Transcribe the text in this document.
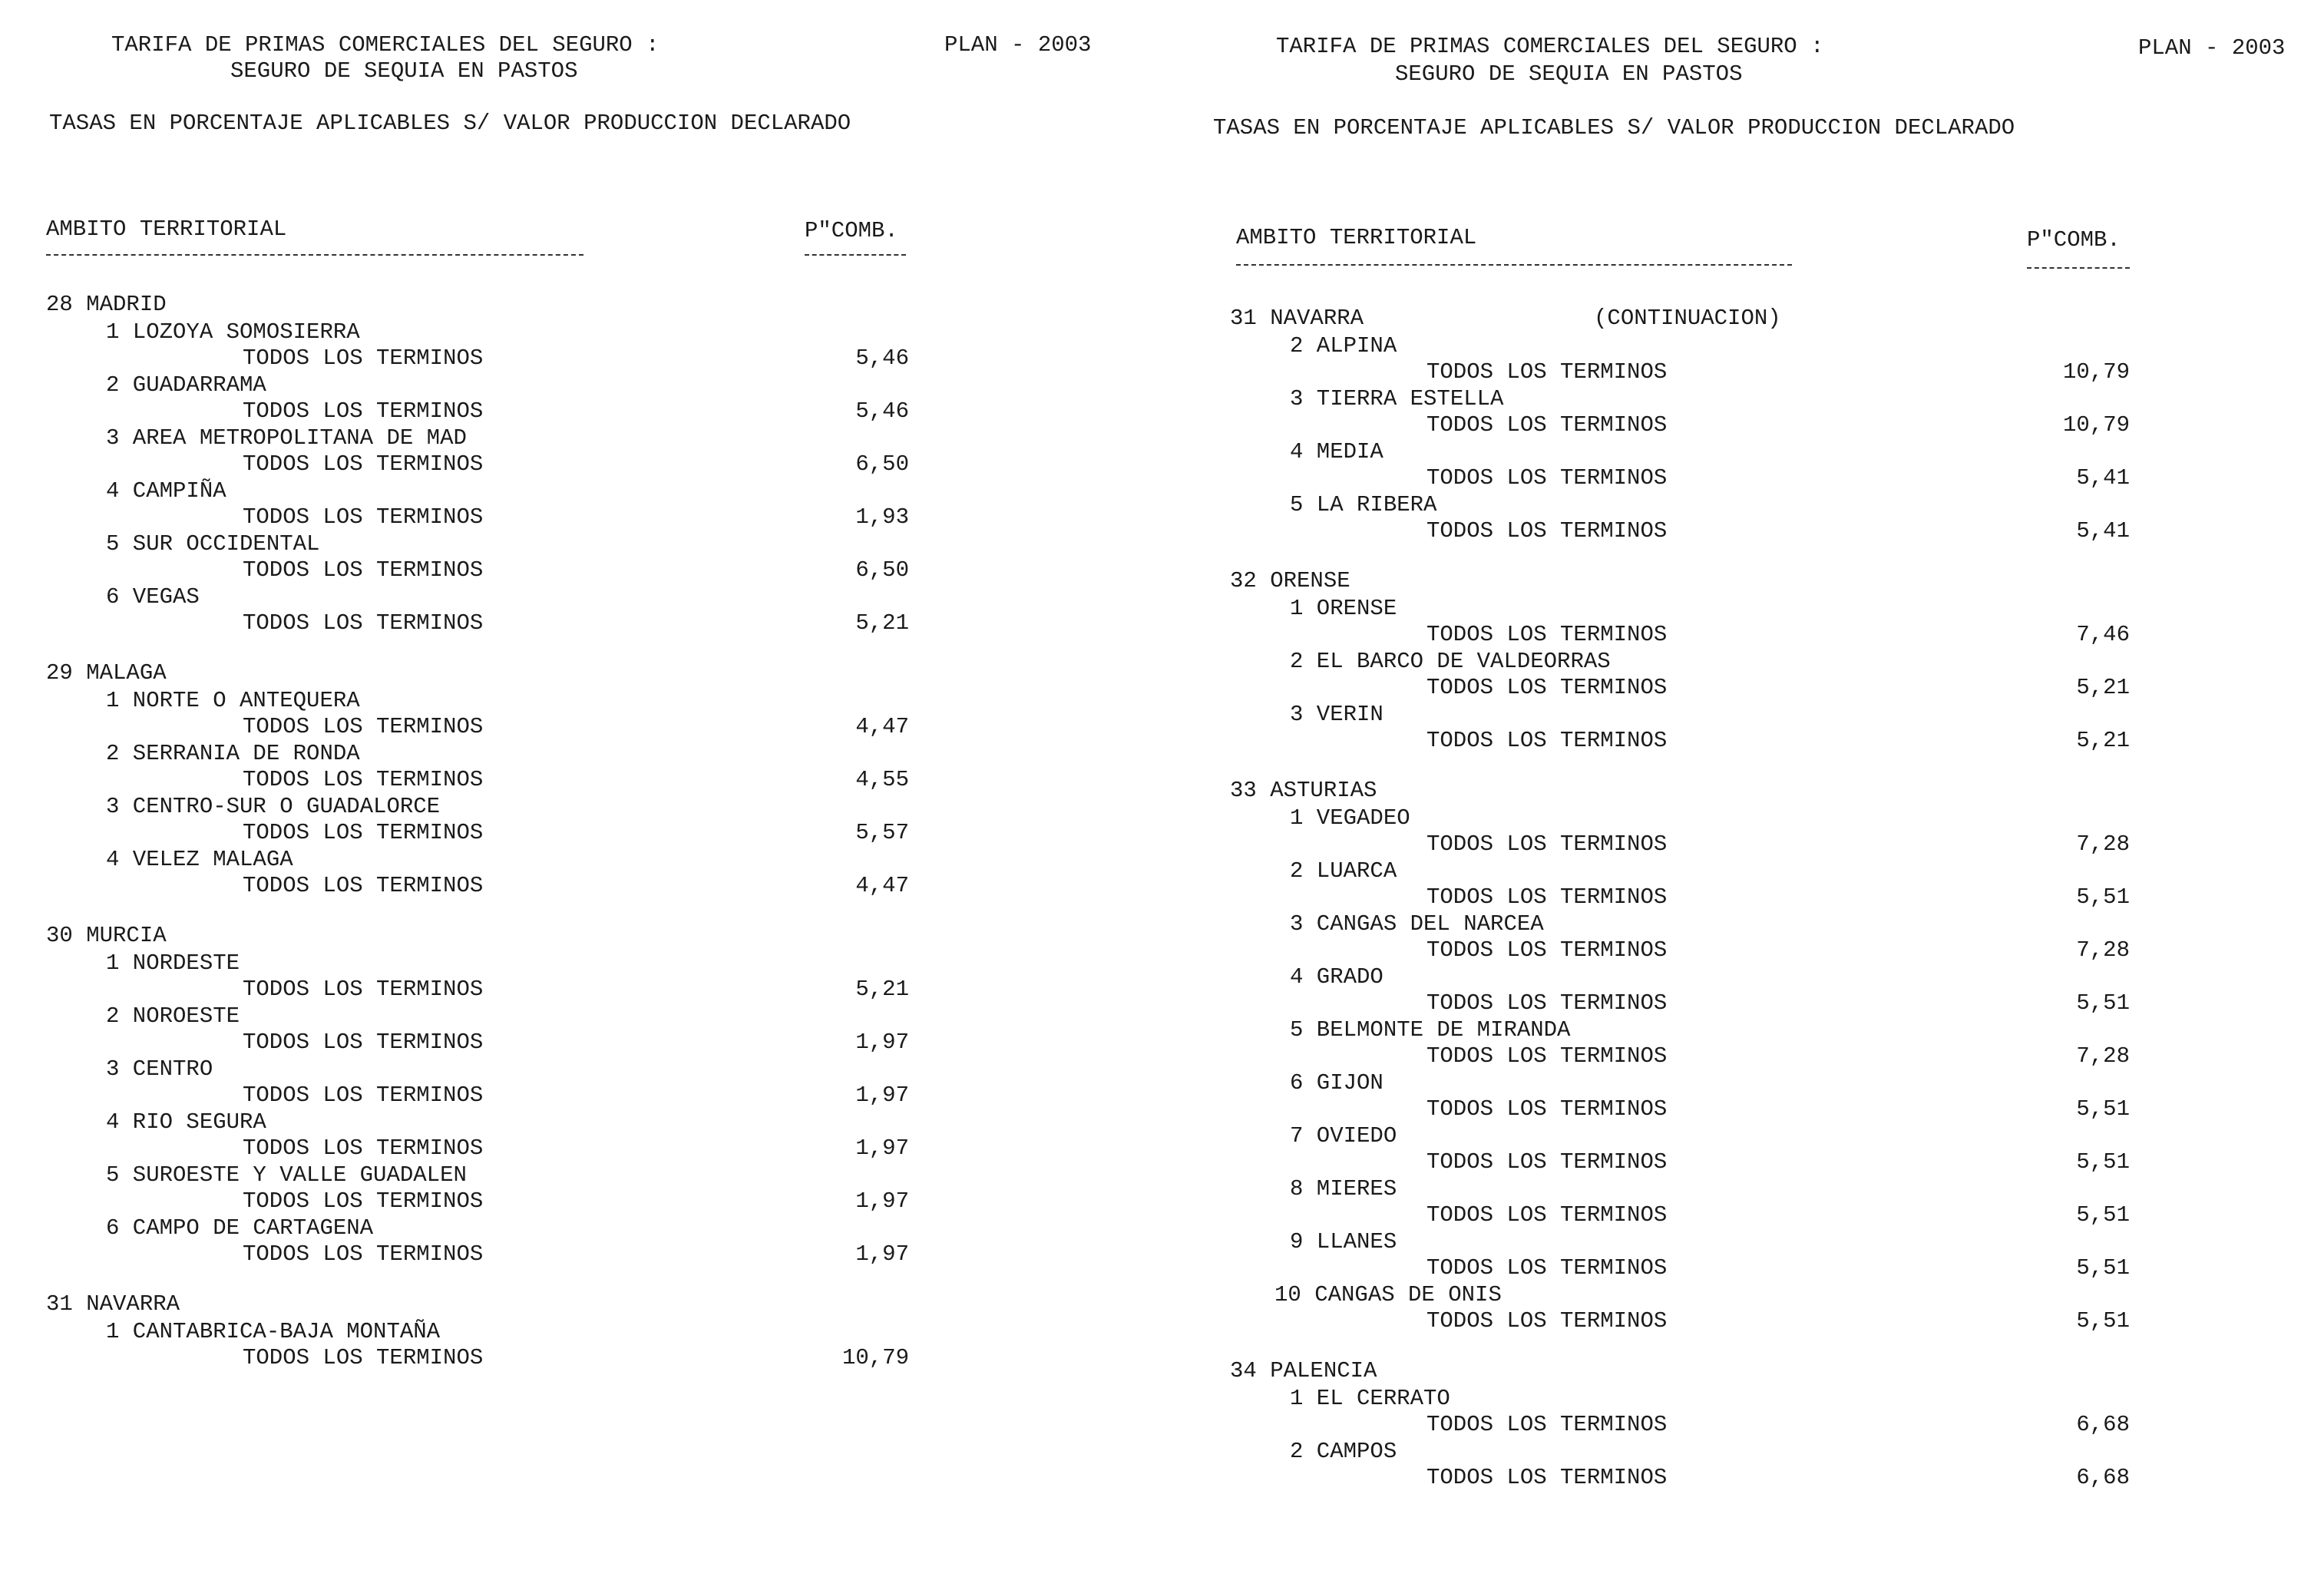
TARIFA DE PRIMAS COMERCIALES DEL SEGURO :
SEGURO DE SEQUIA EN PASTOS
PLAN - 2003
TASAS EN PORCENTAJE APLICABLES S/ VALOR PRODUCCION DECLARADO
AMBITO TERRITORIAL	P"COMB.
28 MADRID
1 LOZOYA SOMOSIERRA
TODOS LOS TERMINOS	5,46
2 GUADARRAMA
TODOS LOS TERMINOS	5,46
3 AREA METROPOLITANA DE MAD
TODOS LOS TERMINOS	6,50
4 CAMPIÑA
TODOS LOS TERMINOS	1,93
5 SUR OCCIDENTAL
TODOS LOS TERMINOS	6,50
6 VEGAS
TODOS LOS TERMINOS	5,21
29 MALAGA
1 NORTE O ANTEQUERA
TODOS LOS TERMINOS	4,47
2 SERRANIA DE RONDA
TODOS LOS TERMINOS	4,55
3 CENTRO-SUR O GUADALORCE
TODOS LOS TERMINOS	5,57
4 VELEZ MALAGA
TODOS LOS TERMINOS	4,47
30 MURCIA
1 NORDESTE
TODOS LOS TERMINOS	5,21
2 NOROESTE
TODOS LOS TERMINOS	1,97
3 CENTRO
TODOS LOS TERMINOS	1,97
4 RIO SEGURA
TODOS LOS TERMINOS	1,97
5 SUROESTE Y VALLE GUADALEN
TODOS LOS TERMINOS	1,97
6 CAMPO DE CARTAGENA
TODOS LOS TERMINOS	1,97
31 NAVARRA
1 CANTABRICA-BAJA MONTAÑA
TODOS LOS TERMINOS	10,79
TARIFA DE PRIMAS COMERCIALES DEL SEGURO :
SEGURO DE SEQUIA EN PASTOS
PLAN - 2003
TASAS EN PORCENTAJE APLICABLES S/ VALOR PRODUCCION DECLARADO
AMBITO TERRITORIAL	P"COMB.
31 NAVARRA	(CONTINUACION)
2 ALPINA
TODOS LOS TERMINOS	10,79
3 TIERRA ESTELLA
TODOS LOS TERMINOS	10,79
4 MEDIA
TODOS LOS TERMINOS	5,41
5 LA RIBERA
TODOS LOS TERMINOS	5,41
32 ORENSE
1 ORENSE
TODOS LOS TERMINOS	7,46
2 EL BARCO DE VALDEORRAS
TODOS LOS TERMINOS	5,21
3 VERIN
TODOS LOS TERMINOS	5,21
33 ASTURIAS
1 VEGADEO
TODOS LOS TERMINOS	7,28
2 LUARCA
TODOS LOS TERMINOS	5,51
3 CANGAS DEL NARCEA
TODOS LOS TERMINOS	7,28
4 GRADO
TODOS LOS TERMINOS	5,51
5 BELMONTE DE MIRANDA
TODOS LOS TERMINOS	7,28
6 GIJON
TODOS LOS TERMINOS	5,51
7 OVIEDO
TODOS LOS TERMINOS	5,51
8 MIERES
TODOS LOS TERMINOS	5,51
9 LLANES
TODOS LOS TERMINOS	5,51
10 CANGAS DE ONIS
TODOS LOS TERMINOS	5,51
34 PALENCIA
1 EL CERRATO
TODOS LOS TERMINOS	6,68
2 CAMPOS
TODOS LOS TERMINOS	6,68
